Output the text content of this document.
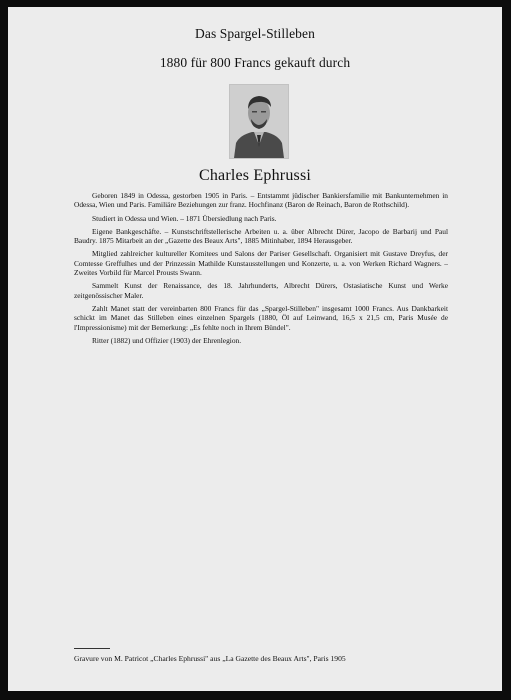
Das Spargel-Stilleben
1880 für 800 Francs gekauft durch
Charles Ephrussi

Geboren 1849 in Odessa, gestorben 1905 in Paris. – Entstammt jüdischer Bankiersfamilie mit Bankunternehmen in Odessa, Wien und Paris. Familiäre Beziehungen zur franz. Hochfinanz (Baron de Reinach, Baron de Rothschild).

Studiert in Odessa und Wien. – 1871 Übersiedlung nach Paris.

Eigene Bankgeschäfte. – Kunstschriftstellerische Arbeiten u. a. über Albrecht Dürer, Jacopo de Barbarij und Paul Baudry. 1875 Mitarbeit an der „Gazette des Beaux Arts", 1885 Mitinhaber, 1894 Herausgeber.

Mitglied zahlreicher kultureller Komitees und Salons der Pariser Gesellschaft. Organisiert mit Gustave Dreyfus, der Comtesse Greffulhes und der Prinzessin Mathilde Kunstausstellungen und Konzerte, u. a. von Werken Richard Wagners. – Zweites Vorbild für Marcel Prousts Swann.

Sammelt Kunst der Renaissance, des 18. Jahrhunderts, Albrecht Dürers, Ostasiatische Kunst und Werke zeitgenössischer Maler.

Zahlt Manet statt der vereinbarten 800 Francs für das „Spargel-Stilleben" insgesamt 1000 Francs. Aus Dankbarkeit schickt im Manet das Stilleben eines einzelnen Spargels (1880, Öl auf Leinwand, 16,5 x 21,5 cm, Paris Musée de l'Impressionisme) mit der Bemerkung: „Es fehlte noch in Ihrem Bündel".

Ritter (1882) und Offizier (1903) der Ehrenlegion.

Gravure von M. Patricot „Charles Ephrussi" aus „La Gazette des Beaux Arts", Paris 1905
